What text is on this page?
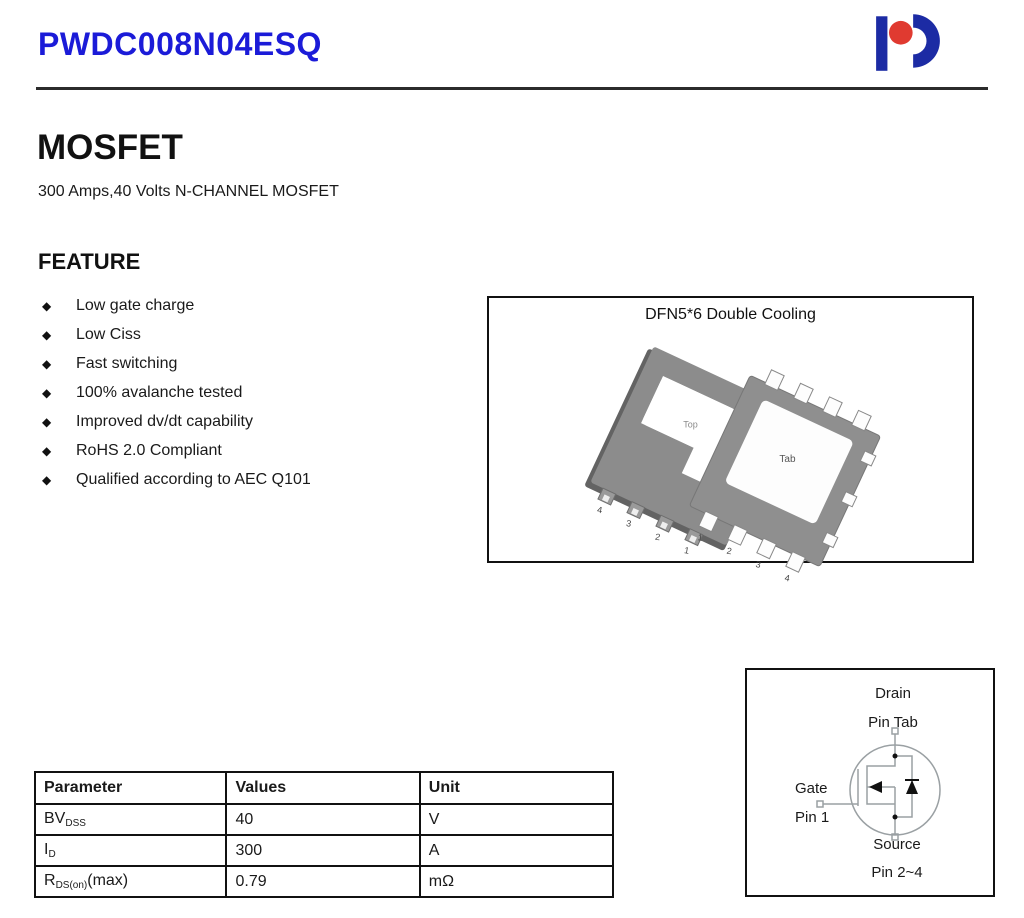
PWDC008N04ESQ
MOSFET
300 Amps,40 Volts N-CHANNEL MOSFET
FEATURE
◆	Low gate charge
◆	Low Ciss
◆	Fast switching
◆	100% avalanche tested
◆	Improved dv/dt capability
◆	RoHS 2.0 Compliant
◆	Qualified according to AEC Q101
DFN5*6 Double Cooling
Top
4
3
2
1
Tab
1
2
3
4
Drain
Pin Tab
Gate
Pin 1
Source
Pin 2~4
Parameter	Values	Unit
$BV_{DSS}$	40	V
$I_D$	300	A
$R_{DS(on)}(\max)$	0.79	mΩ
